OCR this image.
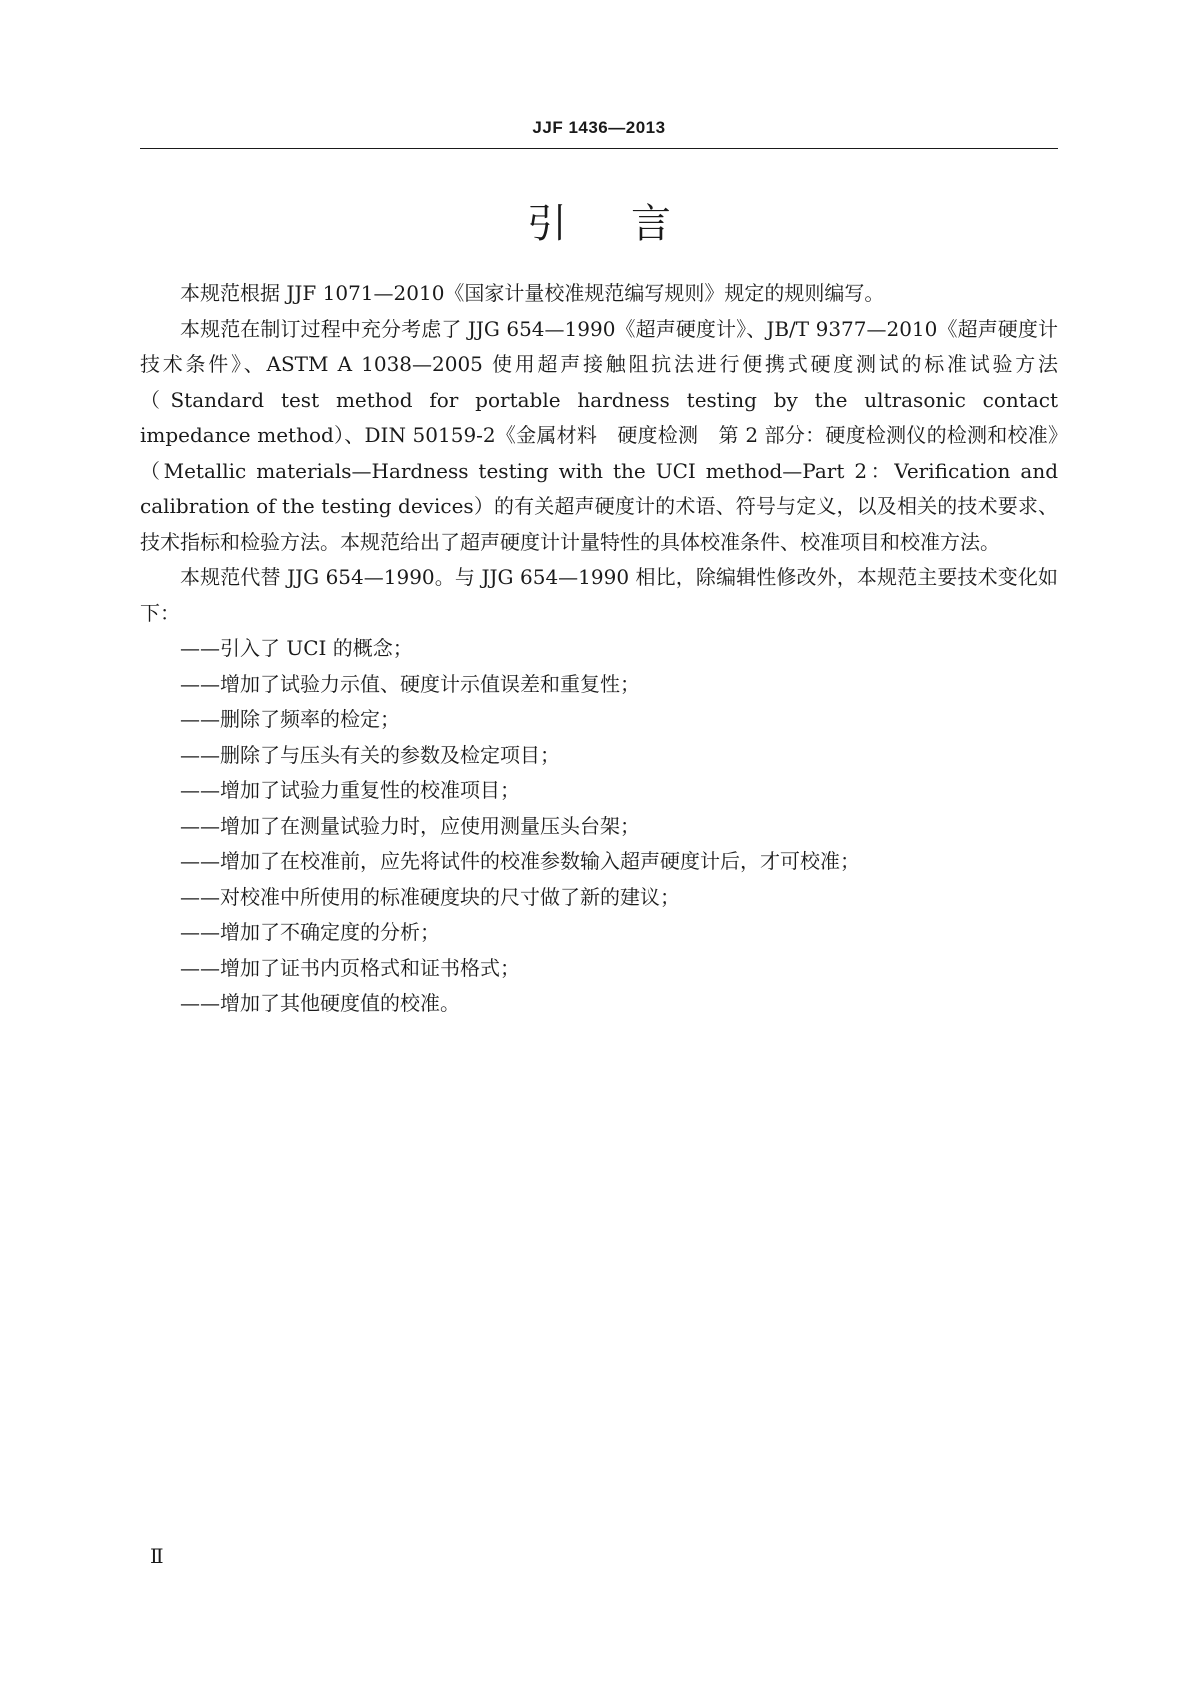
JJF 1436—2013
引言

本规范根据 JJF 1071—2010《国家计量校准规范编写规则》规定的规则编写。

本规范在制订过程中充分考虑了 JJG 654—1990《超声硬度计》、JB/T 9377—2010《超声硬度计　技术条件》、ASTM A 1038—2005 使用超声接触阻抗法进行便携式硬度测试的标准试验方法（Standard test method for portable hardness testing by the ultrasonic contact impedance method）、DIN 50159-2《金属材料　硬度检测　第 2 部分：硬度检测仪的检测和校准》（Metallic materials—Hardness testing with the UCI method—Part 2：Verification and calibration of the testing devices）的有关超声硬度计的术语、符号与定义，以及相关的技术要求、技术指标和检验方法。本规范给出了超声硬度计计量特性的具体校准条件、校准项目和校准方法。

本规范代替 JJG 654—1990。与 JJG 654—1990 相比，除编辑性修改外，本规范主要技术变化如下：

——引入了 UCI 的概念；
——增加了试验力示值、硬度计示值误差和重复性；
——删除了频率的检定；
——删除了与压头有关的参数及检定项目；
——增加了试验力重复性的校准项目；
——增加了在测量试验力时，应使用测量压头台架；
——增加了在校准前，应先将试件的校准参数输入超声硬度计后，才可校准；
——对校准中所使用的标准硬度块的尺寸做了新的建议；
——增加了不确定度的分析；
——增加了证书内页格式和证书格式；
——增加了其他硬度值的校准。
Ⅱ
